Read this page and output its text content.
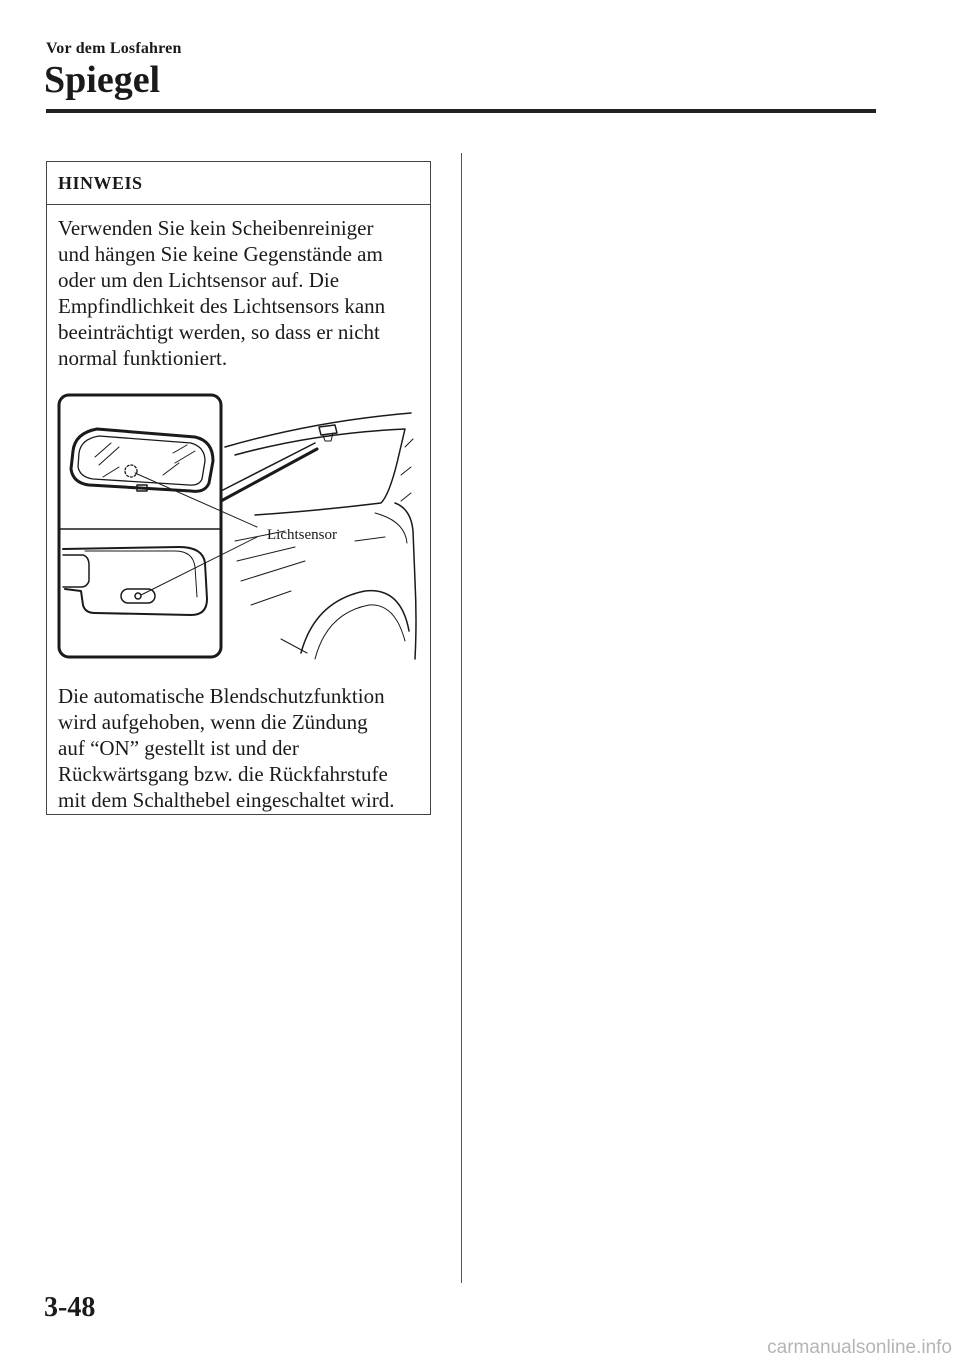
Vor dem Losfahren
Spiegel
HINWEIS

Verwenden Sie kein Scheibenreiniger
und hängen Sie keine Gegenstände am
oder um den Lichtsensor auf. Die
Empfindlichkeit des Lichtsensors kann
beeinträchtigt werden, so dass er nicht
normal funktioniert.

Lichtsensor

Die automatische Blendschutzfunktion
wird aufgehoben, wenn die Zündung
auf “ON” gestellt ist und der
Rückwärtsgang bzw. die Rückfahrstufe
mit dem Schalthebel eingeschaltet wird.

3-48
carmanualsonline.info
